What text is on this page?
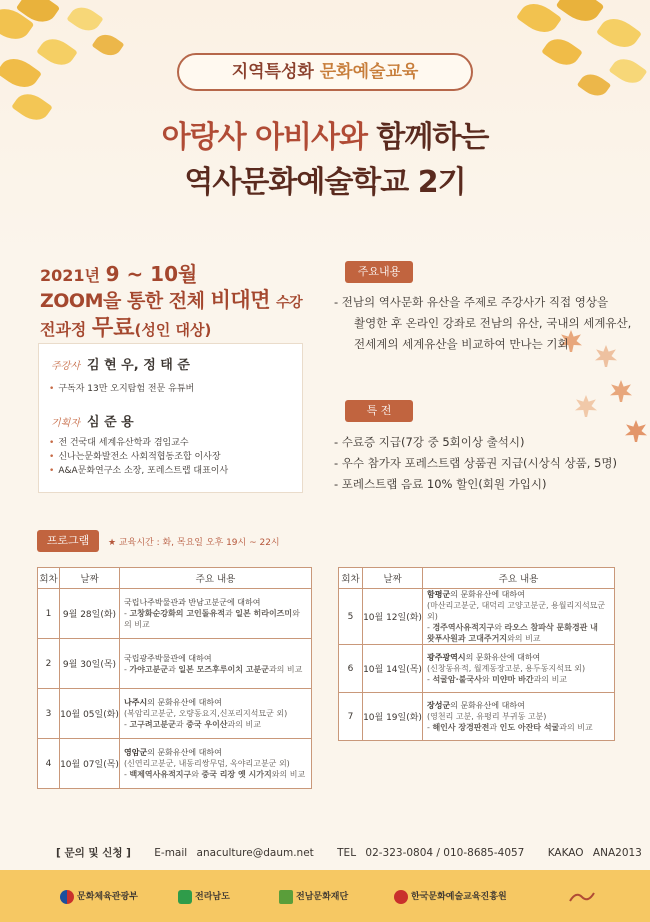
지역특성화 문화예술교육
아랑사 아비사와 함께하는
역사문화예술학교 2기
2021년 9 ~ 10월
ZOOM을 통한 전체 비대면 수강
전과정 무료(성인 대상)
주강사 김 현 우, 정 태 준
• 구독자 13만 오지탐험 전문 유튜버
기획자 심 준 용
• 전 건국대 세계유산학과 겸임교수
• 신나는문화발전소 사회적협동조합 이사장
• A&A문화연구소 소장, 포레스트랩 대표이사
주요내용
- 전남의 역사문화 유산을 주제로 주강사가 직접 영상을
촬영한 후 온라인 강좌로 전남의 유산, 국내의 세계유산,
전세계의 세계유산을 비교하여 만나는 기회
특 전
- 수료증 지급(7강 중 5회이상 출석시)
- 우수 참가자 포레스트랩 상품권 지급(시상식 상품, 5명)
- 포레스트랩 음료 10% 할인(회원 가입시)
프로그램	★ 교육시간 : 화, 목요일 오후 19시 ~ 22시
회차	날짜	주요 내용
1	9월 28일(화)	국립나주박물관과 반남고분군에 대하여
- 고창화순강화의 고인돌유적과 일본 히라이즈미와의 비교

2	9월 30일(목)	국립광주박물관에 대하여
- 가야고분군과 일본 모즈후루이치 고분군과의 비교

3	10월 05일(화)	나주시의 문화유산에 대하여
(복암리고분군, 오량동요지,신포리지석묘군 외)
- 고구려고분군과 중국 우이산과의 비교

4	10월 07일(목)	영암군의 문화유산에 대하여
(신연리고분군, 내동리쌍무덤, 옥야리고분군 외)
- 백제역사유적지구와 중국 리장 옛 시가지와의 비교
회차	날짜	주요 내용
5	10월 12일(화)	함평군의 문화유산에 대하여
(마산리고분군, 대덕리 고양고분군, 용월리지석묘군 외)
- 경주역사유적지구와 라오스 참파삭 문화경관 내
왓푸사원과 고대주거지와의 비교

6	10월 14일(목)	광주광역시의 문화유산에 대하여
(신창동유적, 월계동장고분, 용두동지석묘 외)
- 석굴암·불국사와 미얀마 바간과의 비교

7	10월 19일(화)	장성군의 문화유산에 대하여
(영천리 고분, 유평리 부귀동 고분)
- 해인사 장경판전과 인도 아잔타 석굴과의 비교
[ 문의 및 신청 ] E-mail anaculture@daum.net TEL 02-323-0804 / 010-8685-4057 KAKAO ANA2013
문화체육관광부	전라남도	전남문화재단	한국문화예술교육진흥원
